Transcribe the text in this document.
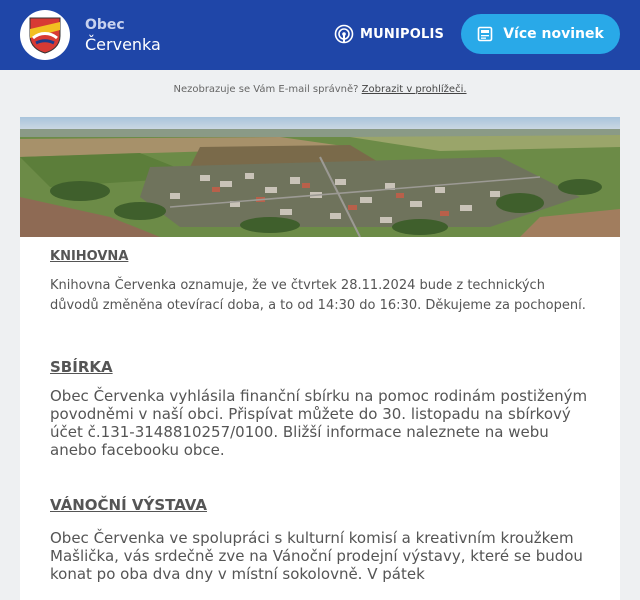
Obec
Červenka
MUNIPOLIS	Více novinek
Nezobrazuje se Vám E-mail správně? Zobrazit v prohlížeči.
KNIHOVNA

Knihovna Červenka oznamuje, že ve čtvrtek 28.11.2024 bude z technických důvodů změněna otevírací doba, a to od 14:30 do 16:30. Děkujeme za pochopení.

SBÍRKA

Obec Červenka vyhlásila finanční sbírku na pomoc rodinám postiženým povodněmi v naší obci. Přispívat můžete do 30. listopadu na sbírkový účet č.131-3148810257/0100. Bližší informace naleznete na webu anebo facebooku obce.

VÁNOČNÍ VÝSTAVA

Obec Červenka ve spolupráci s kulturní komisí a kreativním kroužkem Mašlička, vás srdečně zve na Vánoční prodejní výstavy, které se budou konat po oba dva dny v místní sokolovně. V pátek
